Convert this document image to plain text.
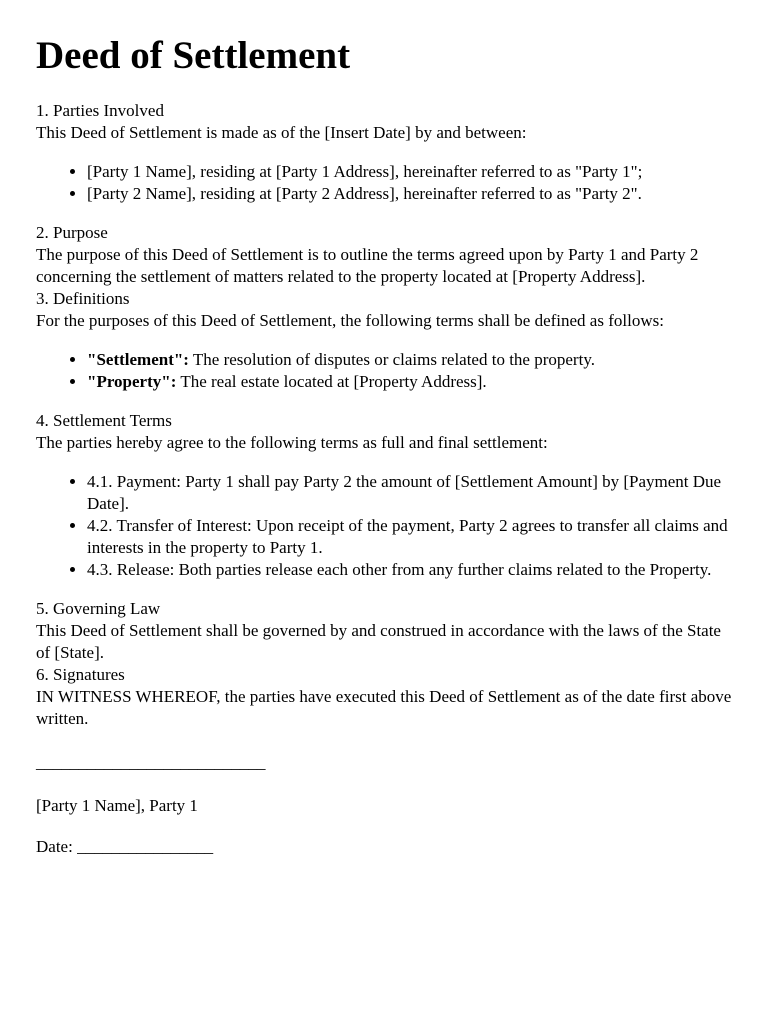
Deed of Settlement
1. Parties Involved

This Deed of Settlement is made as of the [Insert Date] by and between:

• [Party 1 Name], residing at [Party 1 Address], hereinafter referred to as "Party 1";
• [Party 2 Name], residing at [Party 2 Address], hereinafter referred to as "Party 2".
2. Purpose

The purpose of this Deed of Settlement is to outline the terms agreed upon by Party 1 and Party 2 concerning the settlement of matters related to the property located at [Property Address].

3. Definitions

For the purposes of this Deed of Settlement, the following terms shall be defined as follows:

• "Settlement": The resolution of disputes or claims related to the property.
• "Property": The real estate located at [Property Address].
4. Settlement Terms

The parties hereby agree to the following terms as full and final settlement:

• 4.1. Payment: Party 1 shall pay Party 2 the amount of [Settlement Amount] by [Payment Due Date].
• 4.2. Transfer of Interest: Upon receipt of the payment, Party 2 agrees to transfer all claims and interests in the property to Party 1.
• 4.3. Release: Both parties release each other from any further claims related to the Property.
5. Governing Law

This Deed of Settlement shall be governed by and construed in accordance with the laws of the State of [State].

6. Signatures

IN WITNESS WHEREOF, the parties have executed this Deed of Settlement as of the date first above written.

___________________________

[Party 1 Name], Party 1

Date: ________________
